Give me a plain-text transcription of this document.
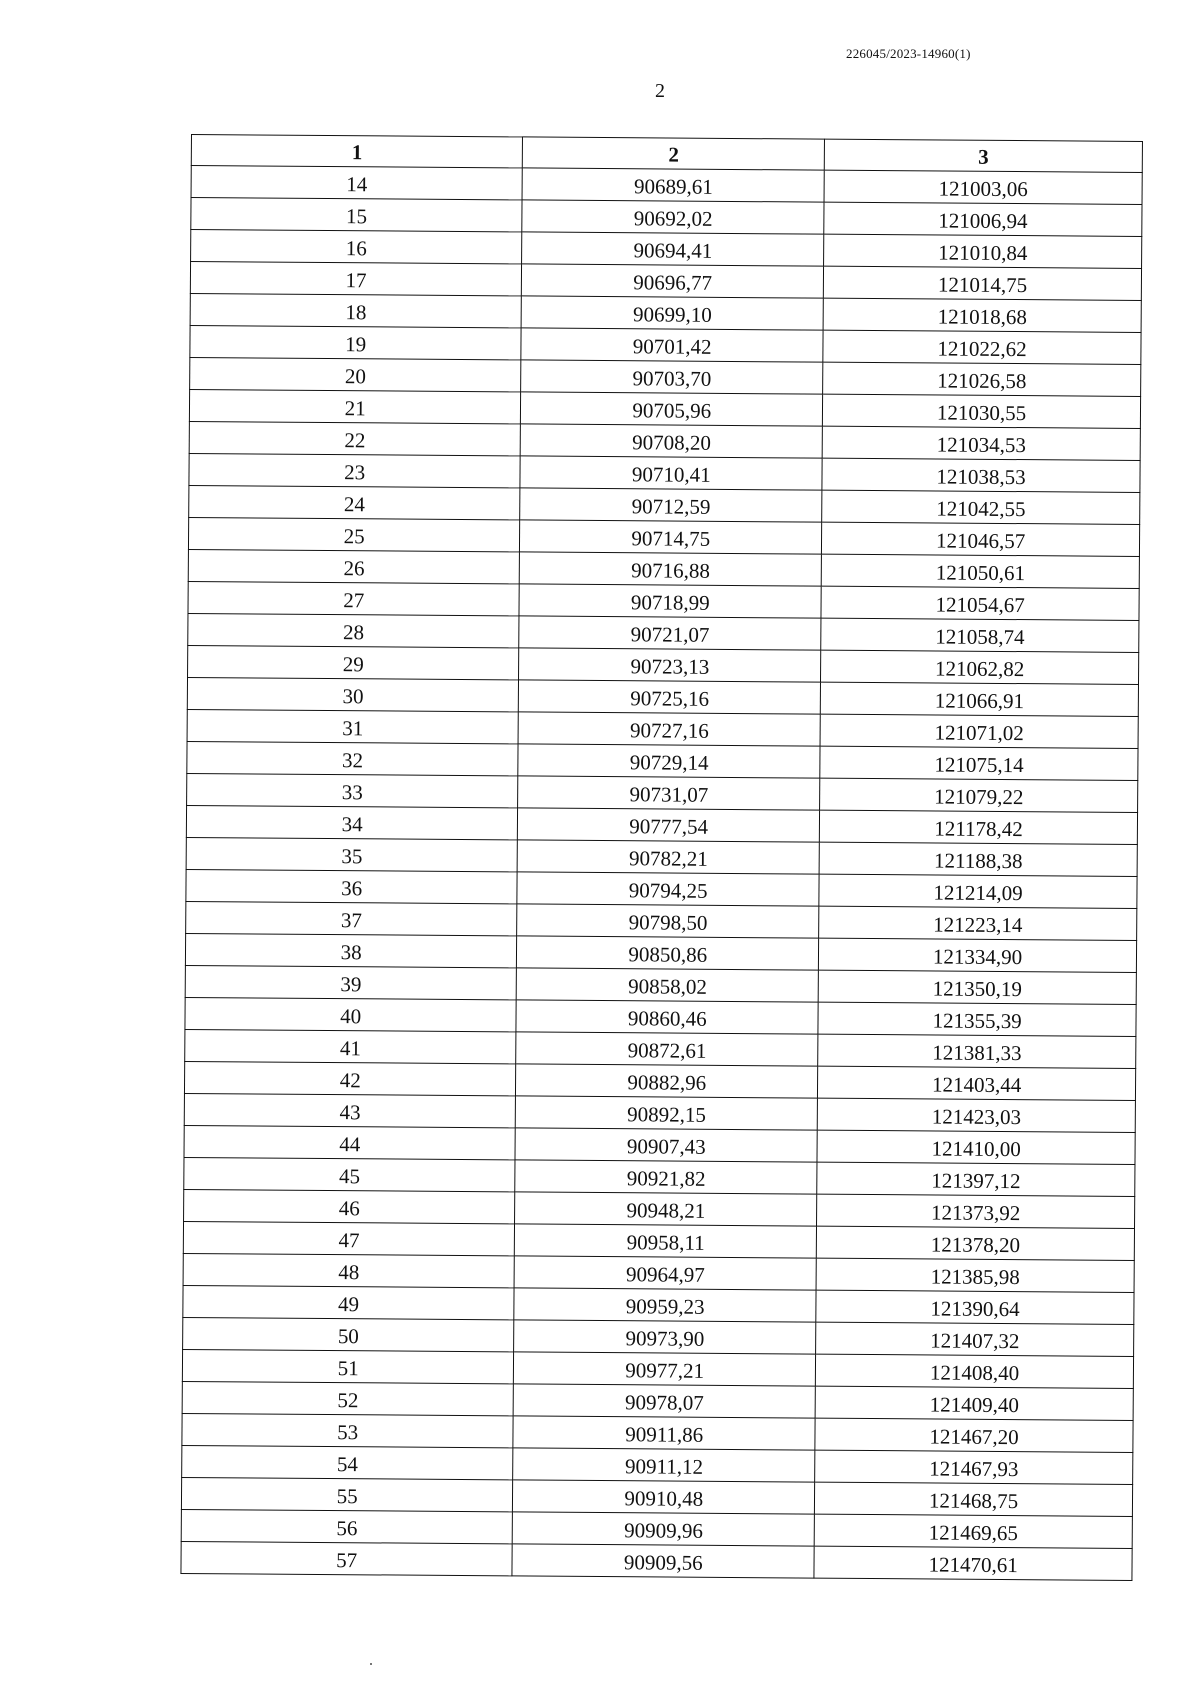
226045/2023-14960(1)
2
1	2	3
14	90689,61	121003,06
15	90692,02	121006,94
16	90694,41	121010,84
17	90696,77	121014,75
18	90699,10	121018,68
19	90701,42	121022,62
20	90703,70	121026,58
21	90705,96	121030,55
22	90708,20	121034,53
23	90710,41	121038,53
24	90712,59	121042,55
25	90714,75	121046,57
26	90716,88	121050,61
27	90718,99	121054,67
28	90721,07	121058,74
29	90723,13	121062,82
30	90725,16	121066,91
31	90727,16	121071,02
32	90729,14	121075,14
33	90731,07	121079,22
34	90777,54	121178,42
35	90782,21	121188,38
36	90794,25	121214,09
37	90798,50	121223,14
38	90850,86	121334,90
39	90858,02	121350,19
40	90860,46	121355,39
41	90872,61	121381,33
42	90882,96	121403,44
43	90892,15	121423,03
44	90907,43	121410,00
45	90921,82	121397,12
46	90948,21	121373,92
47	90958,11	121378,20
48	90964,97	121385,98
49	90959,23	121390,64
50	90973,90	121407,32
51	90977,21	121408,40
52	90978,07	121409,40
53	90911,86	121467,20
54	90911,12	121467,93
55	90910,48	121468,75
56	90909,96	121469,65
57	90909,56	121470,61
